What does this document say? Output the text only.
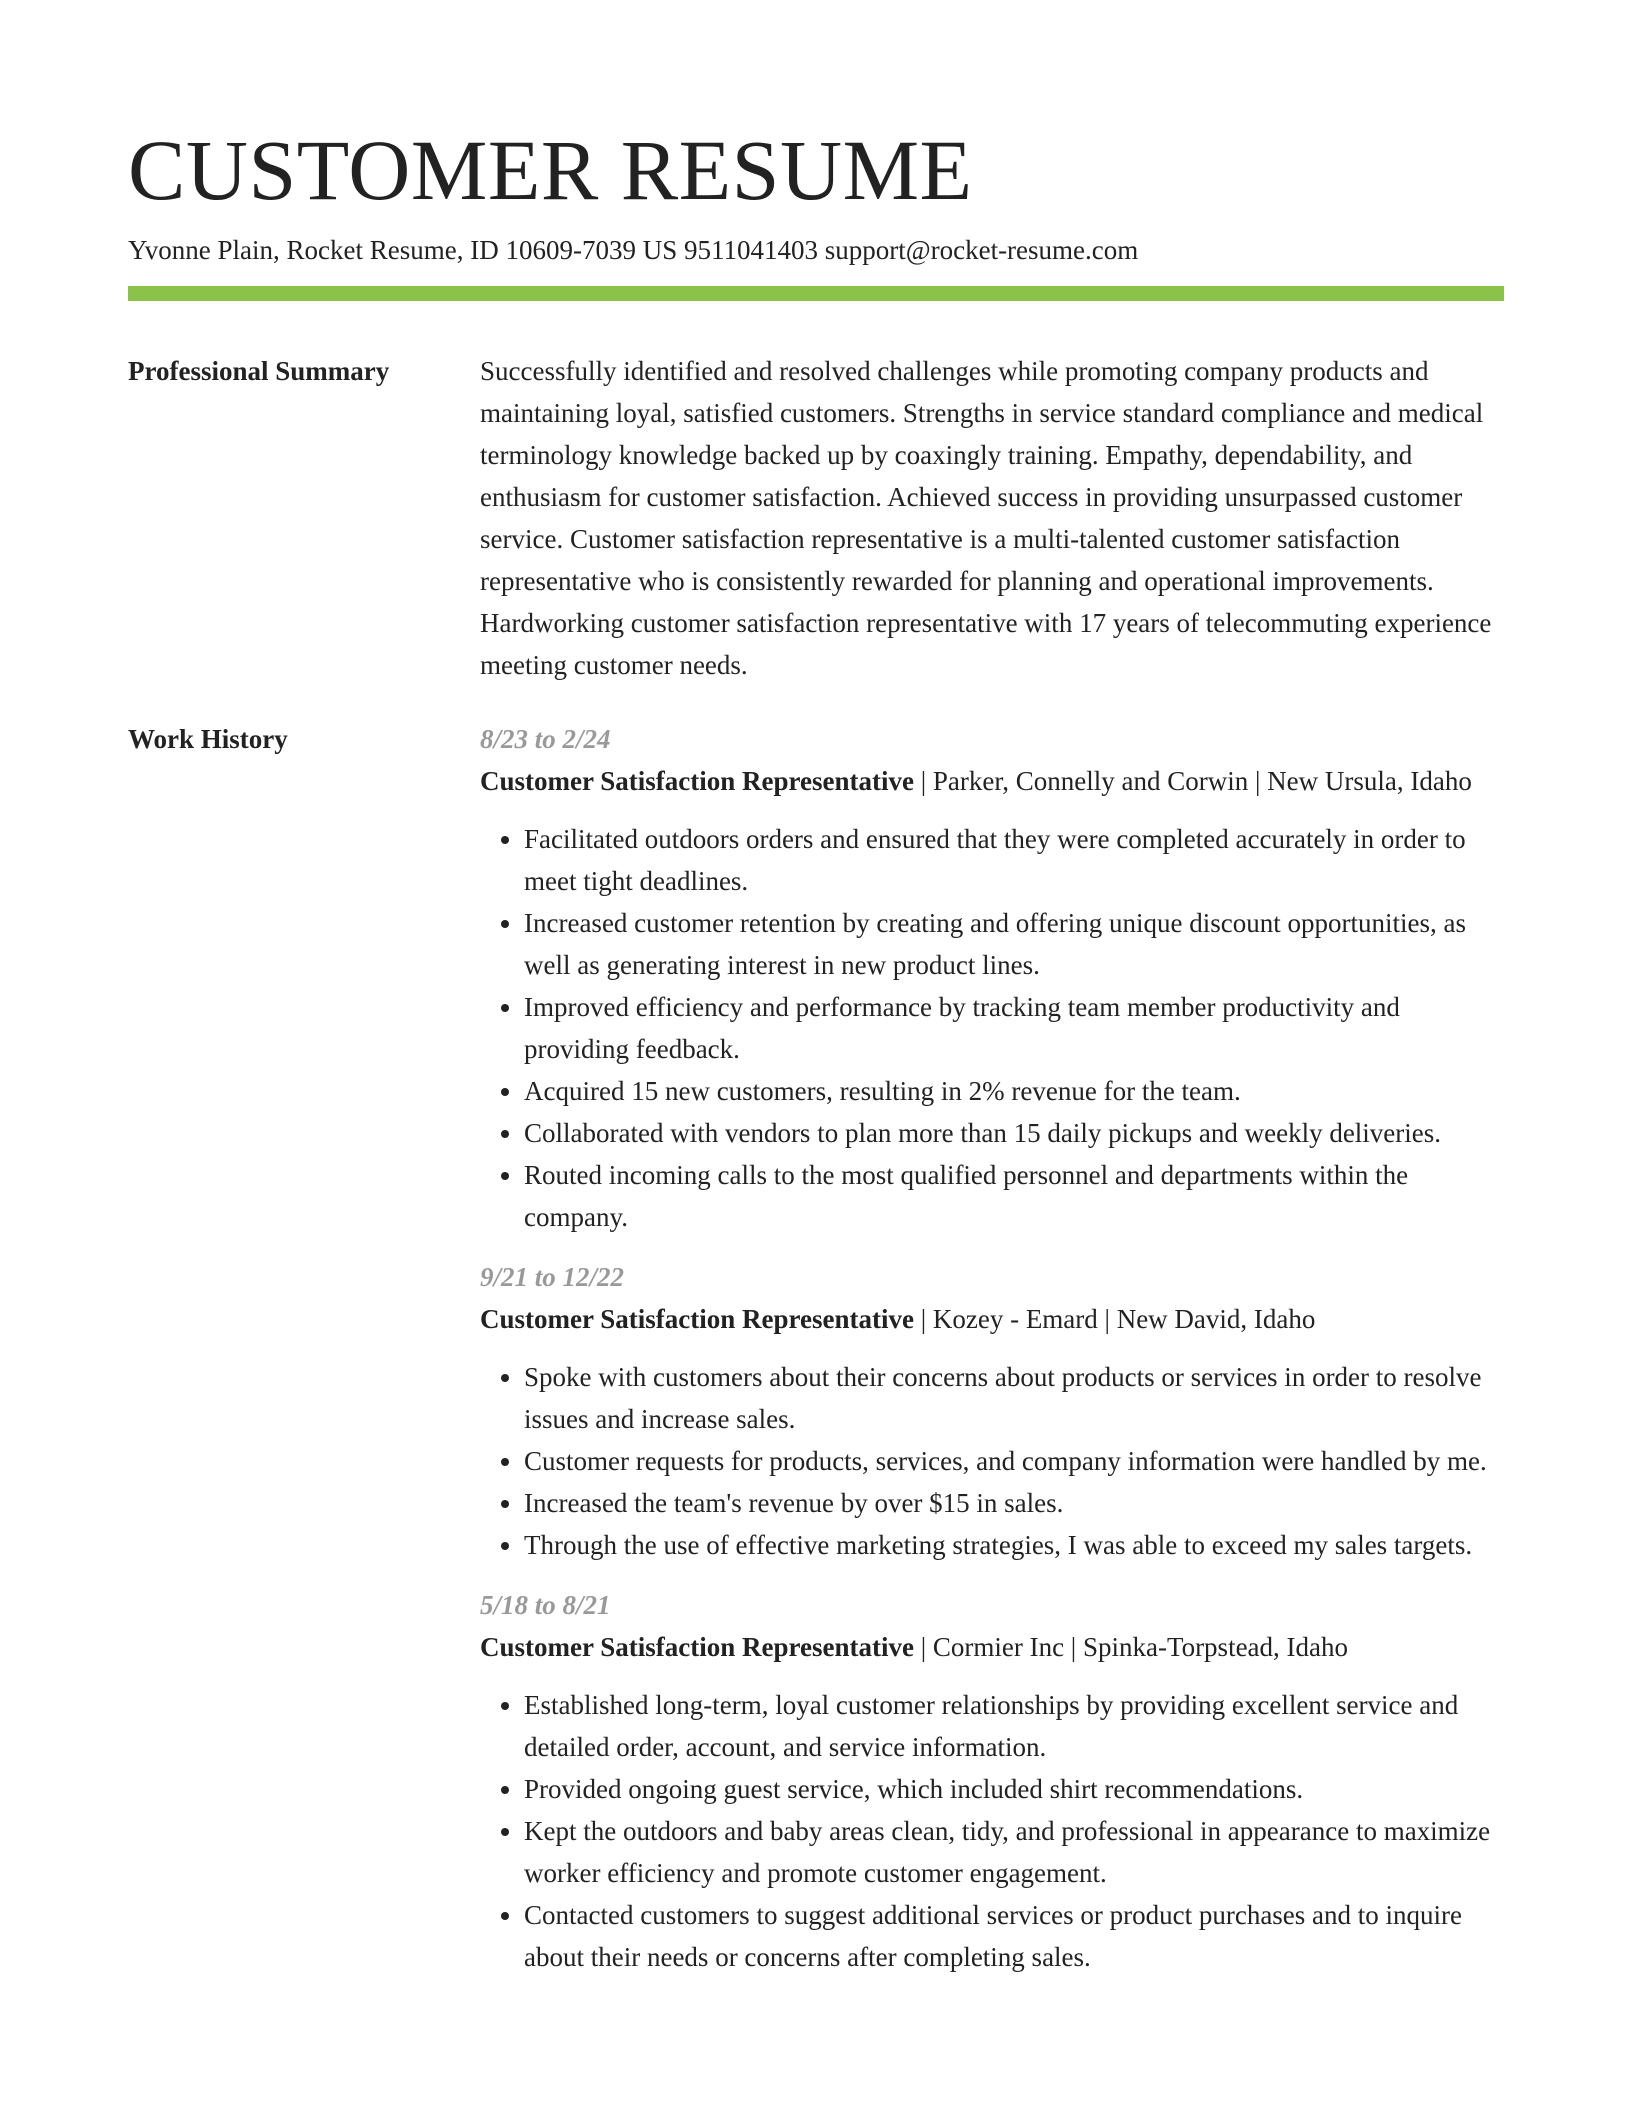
CUSTOMER RESUME
Yvonne Plain, Rocket Resume, ID 10609-7039 US 9511041403 support@rocket-resume.com
Professional Summary	Successfully identified and resolved challenges while promoting company products and maintaining loyal, satisfied customers. Strengths in service standard compliance and medical terminology knowledge backed up by coaxingly training. Empathy, dependability, and enthusiasm for customer satisfaction. Achieved success in providing unsurpassed customer service. Customer satisfaction representative is a multi-talented customer satisfaction representative who is consistently rewarded for planning and operational improvements. Hardworking customer satisfaction representative with 17 years of telecommuting experience meeting customer needs.

Work History	8/23 to 2/24
Customer Satisfaction Representative | Parker, Connelly and Corwin | New Ursula, Idaho
• Facilitated outdoors orders and ensured that they were completed accurately in order to meet tight deadlines.
• Increased customer retention by creating and offering unique discount opportunities, as well as generating interest in new product lines.
• Improved efficiency and performance by tracking team member productivity and providing feedback.
• Acquired 15 new customers, resulting in 2% revenue for the team.
• Collaborated with vendors to plan more than 15 daily pickups and weekly deliveries.
• Routed incoming calls to the most qualified personnel and departments within the company.
9/21 to 12/22
Customer Satisfaction Representative | Kozey - Emard | New David, Idaho
• Spoke with customers about their concerns about products or services in order to resolve issues and increase sales.
• Customer requests for products, services, and company information were handled by me.
• Increased the team's revenue by over $15 in sales.
• Through the use of effective marketing strategies, I was able to exceed my sales targets.
5/18 to 8/21
Customer Satisfaction Representative | Cormier Inc | Spinka-Torpstead, Idaho
• Established long-term, loyal customer relationships by providing excellent service and detailed order, account, and service information.
• Provided ongoing guest service, which included shirt recommendations.
• Kept the outdoors and baby areas clean, tidy, and professional in appearance to maximize worker efficiency and promote customer engagement.
• Contacted customers to suggest additional services or product purchases and to inquire about their needs or concerns after completing sales.
